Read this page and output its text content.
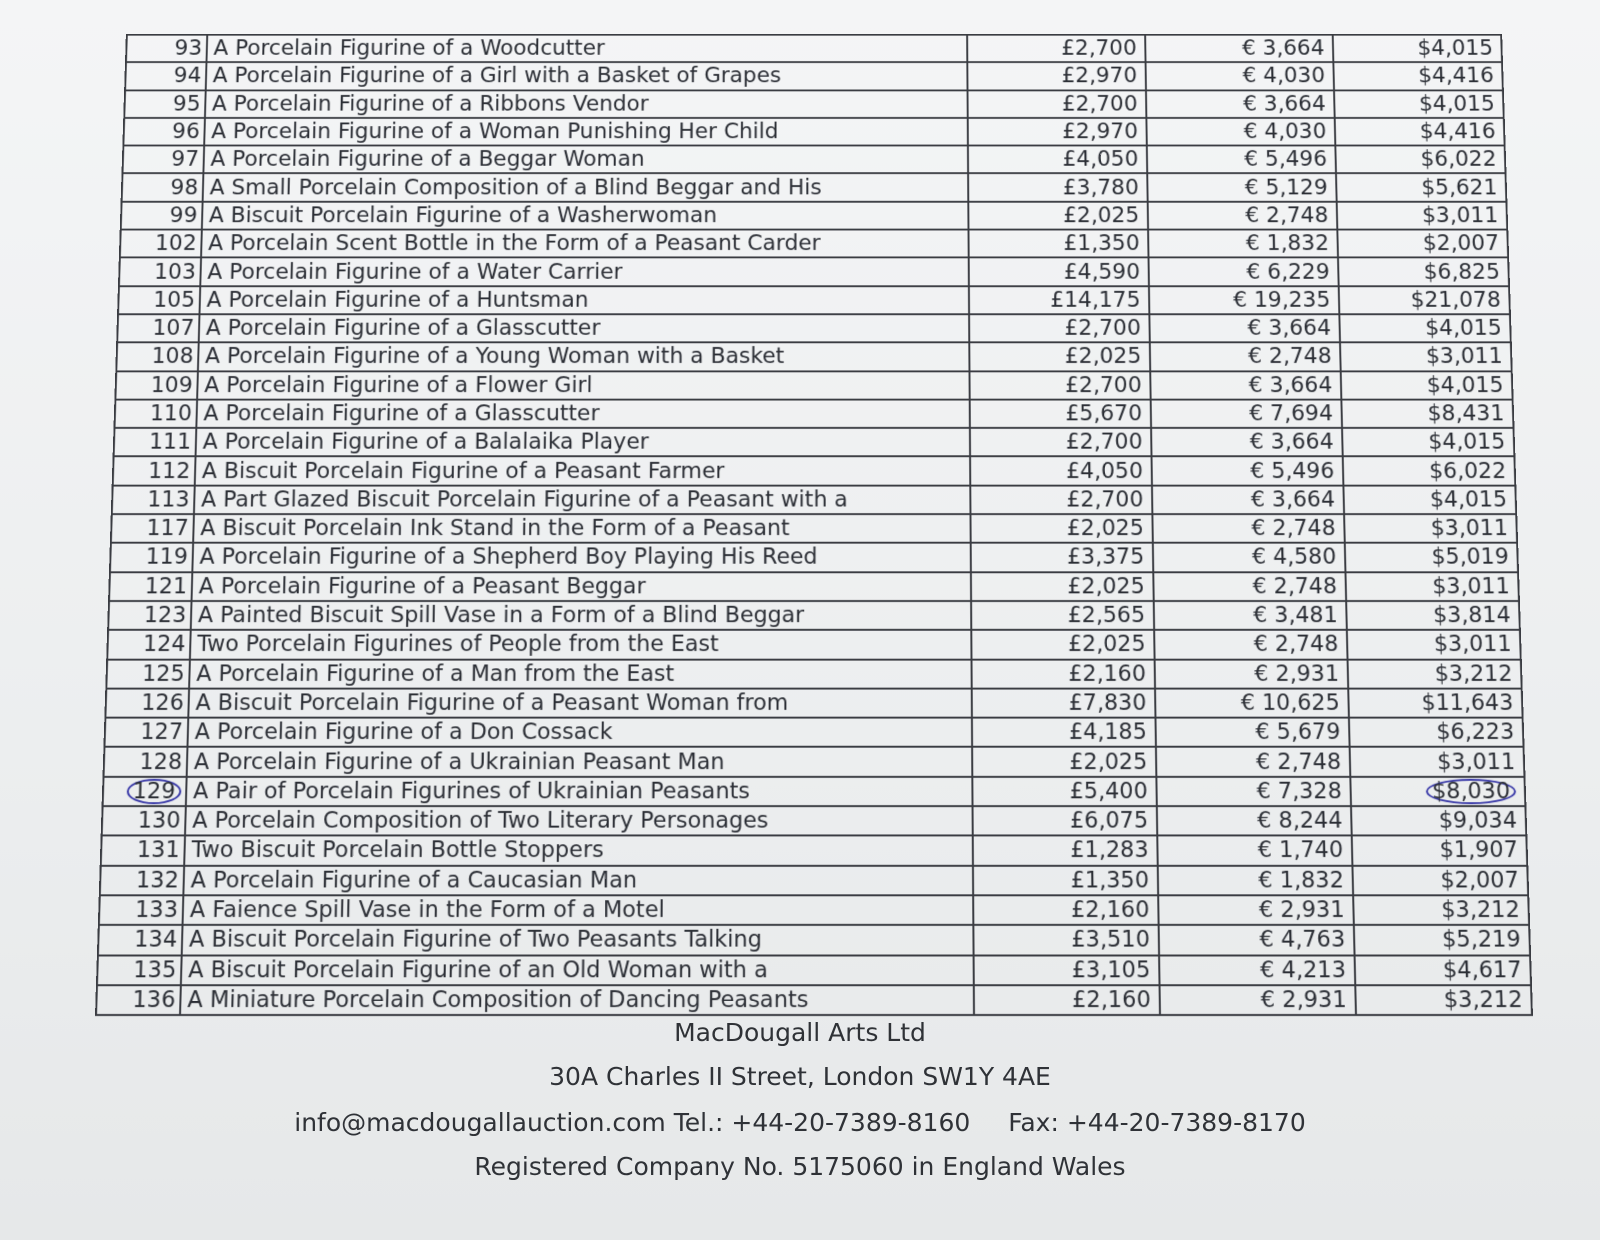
93	A Porcelain Figurine of a Woodcutter	£2,700	€ 3,664	$4,015
94	A Porcelain Figurine of a Girl with a Basket of Grapes	£2,970	€ 4,030	$4,416
95	A Porcelain Figurine of a Ribbons Vendor	£2,700	€ 3,664	$4,015
96	A Porcelain Figurine of a Woman Punishing Her Child	£2,970	€ 4,030	$4,416
97	A Porcelain Figurine of a Beggar Woman	£4,050	€ 5,496	$6,022
98	A Small Porcelain Composition of a Blind Beggar and His	£3,780	€ 5,129	$5,621
99	A Biscuit Porcelain Figurine of a Washerwoman	£2,025	€ 2,748	$3,011
102	A Porcelain Scent Bottle in the Form of a Peasant Carder	£1,350	€ 1,832	$2,007
103	A Porcelain Figurine of a Water Carrier	£4,590	€ 6,229	$6,825
105	A Porcelain Figurine of a Huntsman	£14,175	€ 19,235	$21,078
107	A Porcelain Figurine of a Glasscutter	£2,700	€ 3,664	$4,015
108	A Porcelain Figurine of a Young Woman with a Basket	£2,025	€ 2,748	$3,011
109	A Porcelain Figurine of a Flower Girl	£2,700	€ 3,664	$4,015
110	A Porcelain Figurine of a Glasscutter	£5,670	€ 7,694	$8,431
111	A Porcelain Figurine of a Balalaika Player	£2,700	€ 3,664	$4,015
112	A Biscuit Porcelain Figurine of a Peasant Farmer	£4,050	€ 5,496	$6,022
113	A Part Glazed Biscuit Porcelain Figurine of a Peasant with a	£2,700	€ 3,664	$4,015
117	A Biscuit Porcelain Ink Stand in the Form of a Peasant	£2,025	€ 2,748	$3,011
119	A Porcelain Figurine of a Shepherd Boy Playing His Reed	£3,375	€ 4,580	$5,019
121	A Porcelain Figurine of a Peasant Beggar	£2,025	€ 2,748	$3,011
123	A Painted Biscuit Spill Vase in a Form of a Blind Beggar	£2,565	€ 3,481	$3,814
124	Two Porcelain Figurines of People from the East	£2,025	€ 2,748	$3,011
125	A Porcelain Figurine of a Man from the East	£2,160	€ 2,931	$3,212
126	A Biscuit Porcelain Figurine of a Peasant Woman from	£7,830	€ 10,625	$11,643
127	A Porcelain Figurine of a Don Cossack	£4,185	€ 5,679	$6,223
128	A Porcelain Figurine of a Ukrainian Peasant Man	£2,025	€ 2,748	$3,011
129	A Pair of Porcelain Figurines of Ukrainian Peasants	£5,400	€ 7,328	$8,030
130	A Porcelain Composition of Two Literary Personages	£6,075	€ 8,244	$9,034
131	Two Biscuit Porcelain Bottle Stoppers	£1,283	€ 1,740	$1,907
132	A Porcelain Figurine of a Caucasian Man	£1,350	€ 1,832	$2,007
133	A Faience Spill Vase in the Form of a Motel	£2,160	€ 2,931	$3,212
134	A Biscuit Porcelain Figurine of Two Peasants Talking	£3,510	€ 4,763	$5,219
135	A Biscuit Porcelain Figurine of an Old Woman with a	£3,105	€ 4,213	$4,617
136	A Miniature Porcelain Composition of Dancing Peasants	£2,160	€ 2,931	$3,212
MacDougall Arts Ltd
30A Charles II Street, London SW1Y 4AE
info@macdougallauction.com Tel.: +44-20-7389-8160 Fax: +44-20-7389-8170
Registered Company No. 5175060 in England Wales
